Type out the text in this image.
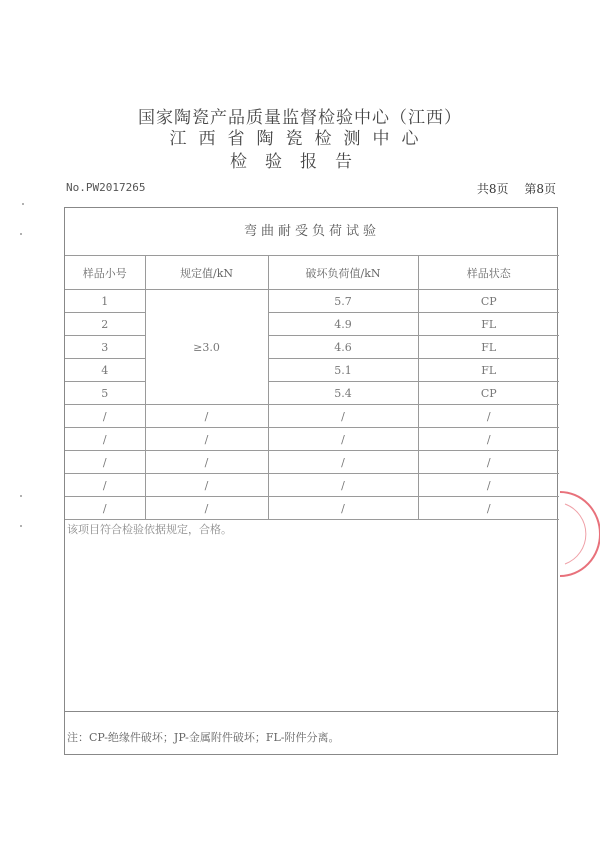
国家陶瓷产品质量监督检验中心（江西）
江西省陶瓷检测中心
检验报告
No.PW2017265	共8页 第8页
弯曲耐受负荷试验
样品小号	规定值/kN	破坏负荷值/kN	样品状态
1	≥3.0	5.7	CP
2		4.9	FL
3		4.6	FL
4		5.1	FL
5		5.4	CP
/	/	/	/
/	/	/	/
/	/	/	/
/	/	/	/
/	/	/	/
该项目符合检验依据规定，合格。
注：CP-绝缘件破坏；JP-金属附件破坏；FL-附件分离。
